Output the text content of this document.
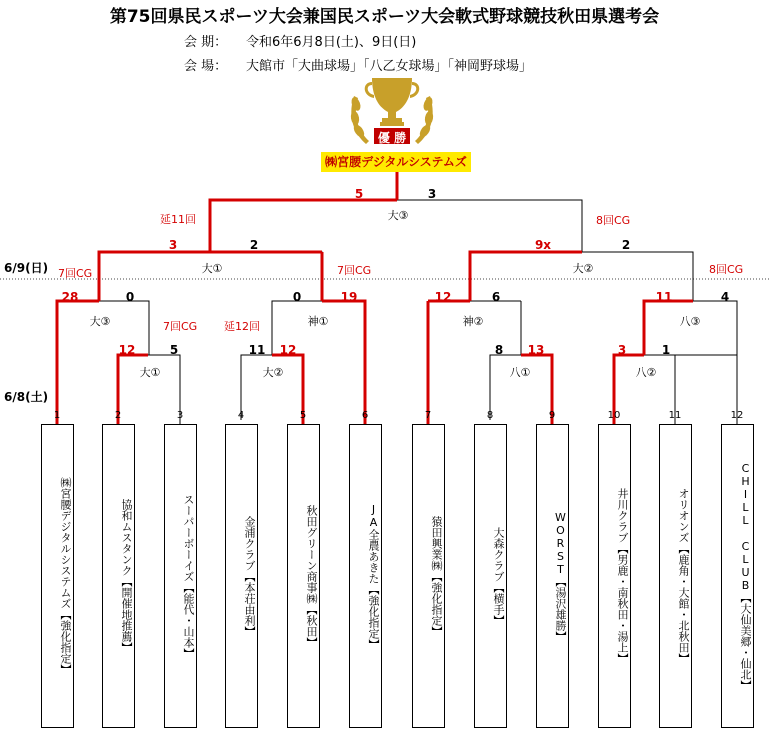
第75回県民スポーツ大会兼国民スポーツ大会軟式野球競技秋田県選考会
会 期： 令和6年6月8日(土)、9日(日)
会 場： 大館市「大曲球場」「八乙女球場」「神岡野球場」
優 勝
㈱宮腰デジタルシステムズ
6/9(日)
6/8(土)
5	3
大③
延11回	8回CG
3	2
大①
7回CG
9x	2
大②
7回CG	8回CG
28	0
大③	7回CG
0	19
神①
12	6
神②
11	4
八③
12	5
大①
11	12
大②
延12回
8	13
八①
3	1
八②
1	2	3	4	5	6	7	8	9	10	11	12
【強化指定】
㈱宮腰デジタルシステムズ
【開催地推薦】
協和ムスタンク
【能代・山本】
スーパーボーイズ
【本荘由利】
金浦クラブ
【秋田】
秋田グリーン商事㈱
【強化指定】
JA全農あきた
【強化指定】
猿田興業㈱
【横手】
大森クラブ
【湯沢雄勝】
WORST	【男鹿・南秋田・湯上】
井川クラブ
【鹿角・大館・北秋田】
オリオンズ
【大仙美郷・仙北】
CHILL CLUB
